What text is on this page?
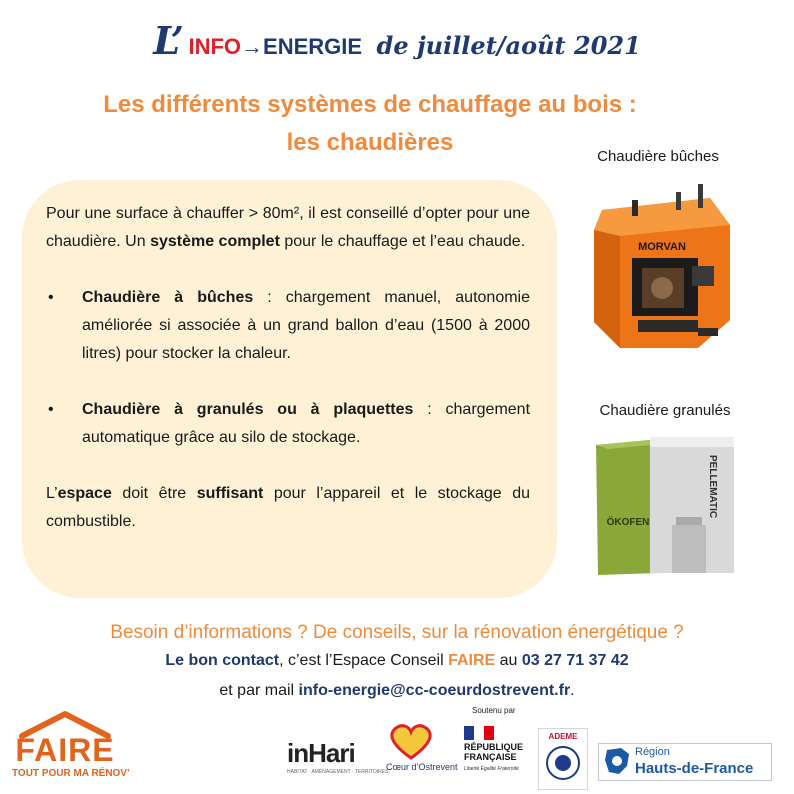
L’ INFO→ENERGIE de juillet/août 2021
Les différents systèmes de chauffage au bois :
les chaudières

Pour une surface à chauffer > 80m², il est conseillé d’opter pour une chaudière. Un système complet pour le chauffage et l’eau chaude.

• Chaudière à bûches : chargement manuel, autonomie améliorée si associée à un grand ballon d’eau (1500 à 2000 litres) pour stocker la chaleur.
• Chaudière à granulés ou à plaquettes : chargement automatique grâce au silo de stockage.

L’espace doit être suffisant pour l’appareil et le stockage du combustible.

Chaudière bûches
MORVAN
Chaudière granulés
ÖKOFEN
PELLEMATIC
Besoin d’informations ? De conseils, sur la rénovation énergétique ?
Le bon contact, c’est l’Espace Conseil FAIRE au 03 27 71 37 42
et par mail info-energie@cc-coeurdostrevent.fr.
FAIRE
TOUT POUR MA RÉNOV’
inHari
HABITAT · AMÉNAGEMENT · TERRITOIRES
Cœur d’Ostrevent
Soutenu par
RÉPUBLIQUE FRANÇAISE
Liberté Égalité Fraternité
ADEME
Région
Hauts-de-France
